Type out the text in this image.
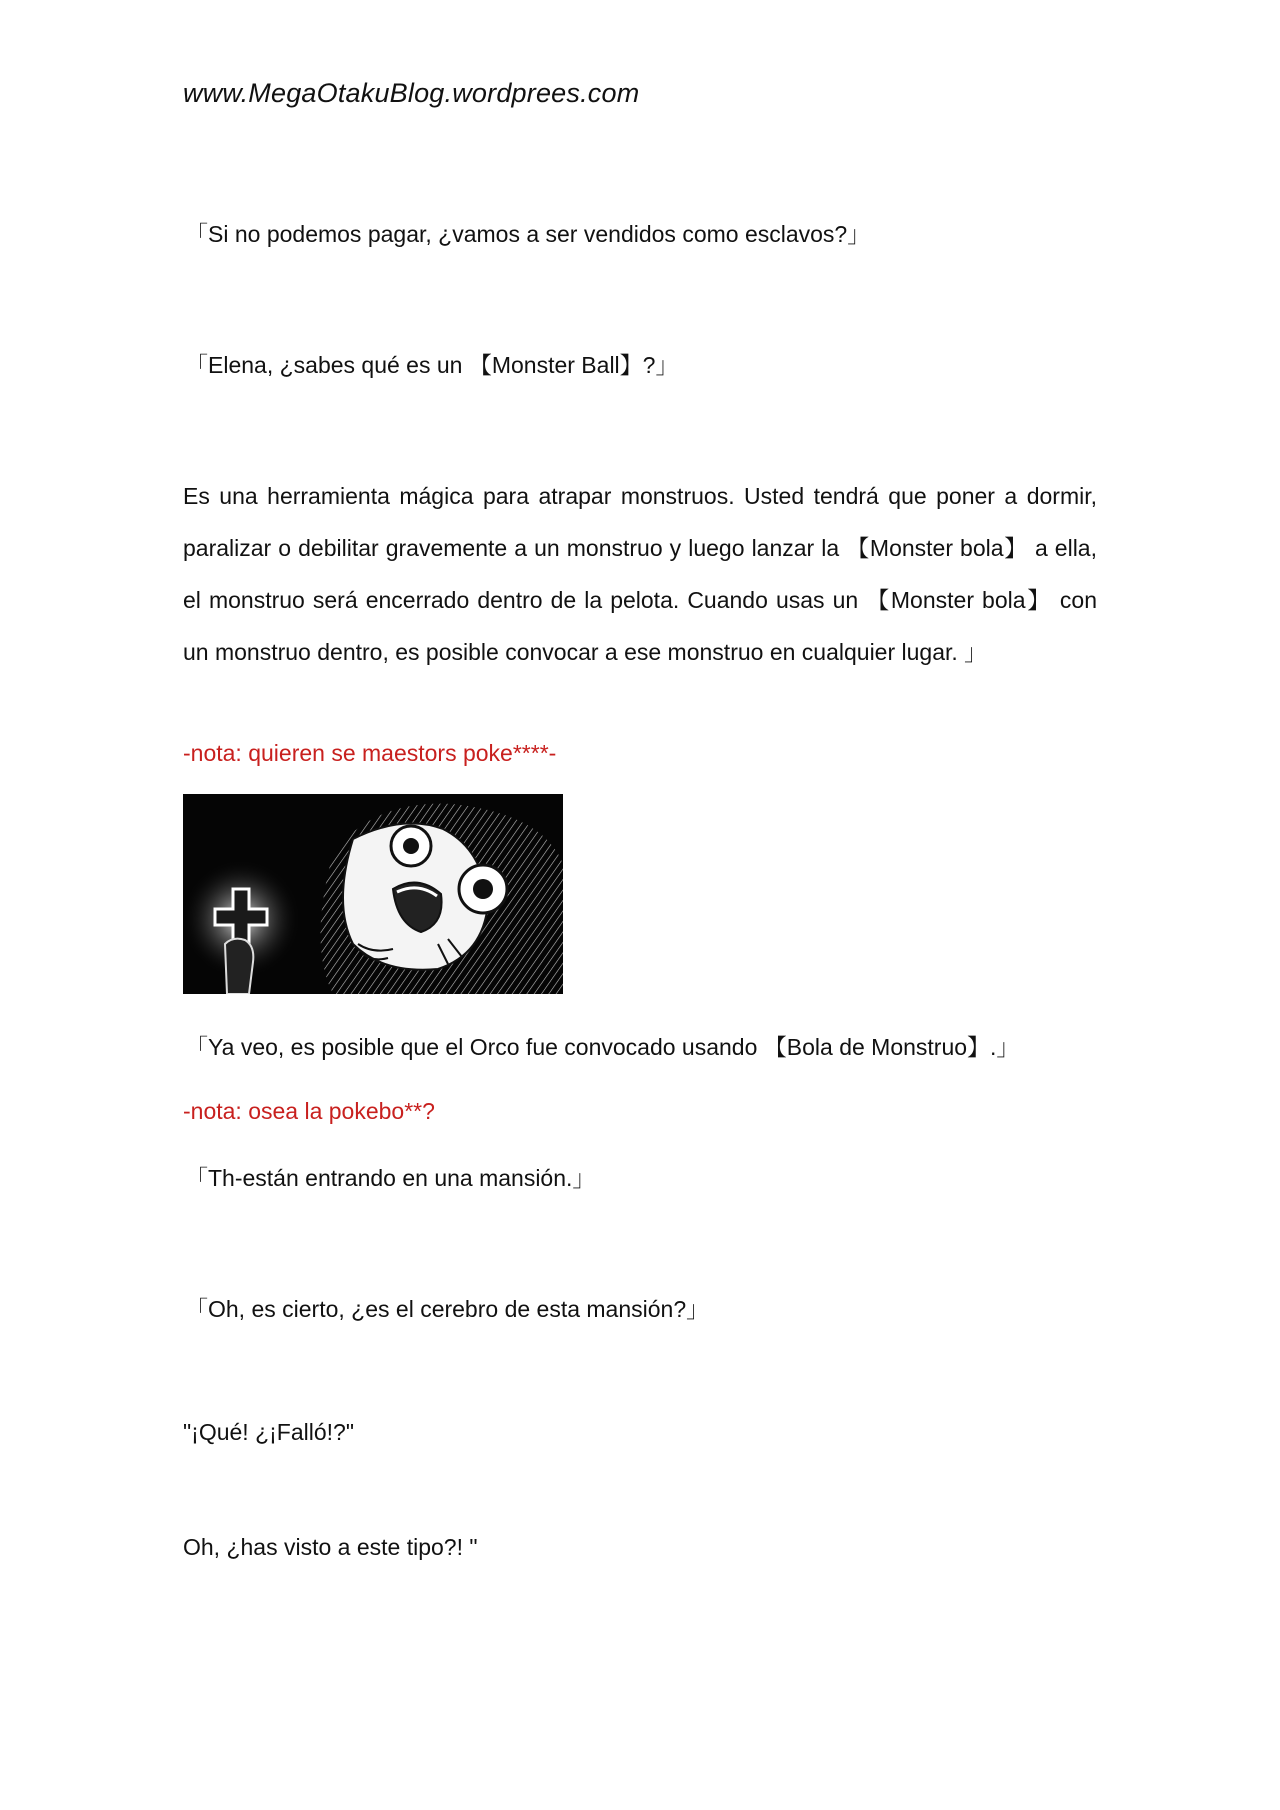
www.MegaOtakuBlog.wordprees.com
「Si no podemos pagar, ¿vamos a ser vendidos como esclavos?」
「Elena, ¿sabes qué es un 【Monster Ball】?」
Es una herramienta mágica para atrapar monstruos. Usted tendrá que poner a dormir, paralizar o debilitar gravemente a un monstruo y luego lanzar la 【Monster bola】 a ella, el monstruo será encerrado dentro de la pelota. Cuando usas un 【Monster bola】 con un monstruo dentro, es posible convocar a ese monstruo en cualquier lugar. 」
-nota: quieren se maestors poke****-
「Ya veo, es posible que el Orco fue convocado usando 【Bola de Monstruo】.」
-nota: osea la pokebo**?
「Th-están entrando en una mansión.」
「Oh, es cierto, ¿es el cerebro de esta mansión?」
"¡Qué! ¿¡Falló!?"
Oh, ¿has visto a este tipo?! "
